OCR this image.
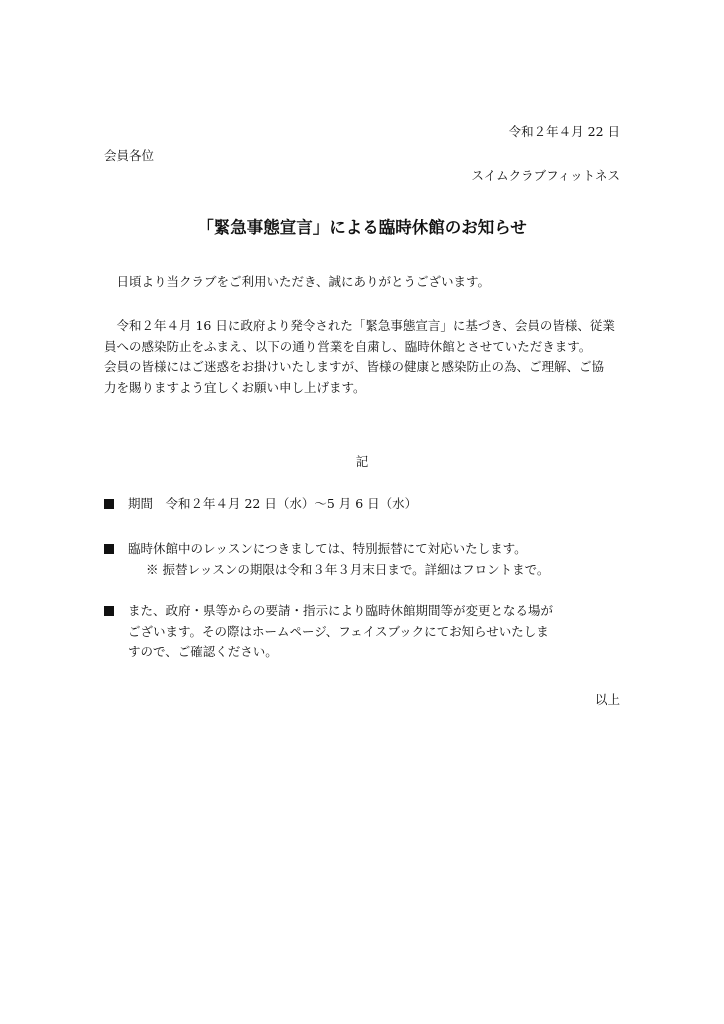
令和２年４月 22 日
会員各位
スイムクラブフィットネス
「緊急事態宣言」による臨時休館のお知らせ

日頃より当クラブをご利用いただき、誠にありがとうございます。

令和２年４月 16 日に政府より発令された「緊急事態宣言」に基づき、会員の皆様、従業

員への感染防止をふまえ、以下の通り営業を自粛し、臨時休館とさせていただきます。

会員の皆様にはご迷惑をお掛けいたしますが、皆様の健康と感染防止の為、ご理解、ご協

力を賜りますよう宜しくお願い申し上げます。

記
期間　令和２年４月 22 日（水）～5 月 6 日（水）
臨時休館中のレッスンにつきましては、特別振替にて対応いたします。
※ 振替レッスンの期限は令和３年３月末日まで。詳細はフロントまで。
また、政府・県等からの要請・指示により臨時休館期間等が変更となる場が
ございます。その際はホームページ、フェイスブックにてお知らせいたしま
すので、ご確認ください。
以上
